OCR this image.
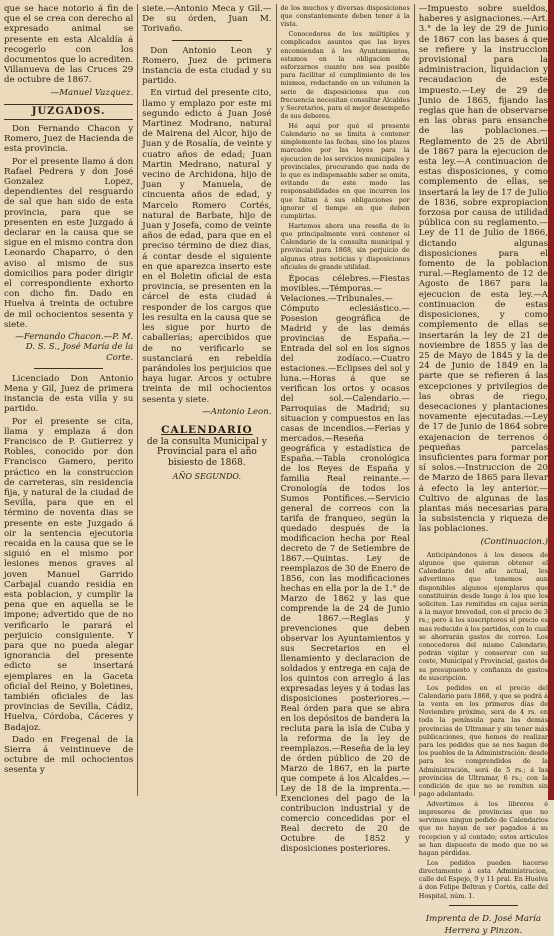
que se hace notorio á fin de que el se crea con derecho al expresado animal se presente en esta Alcaldía á recogerlo con los documentos que lo acrediten. Villanueva de las Cruces 29 de octubre de 1867.

—Manuel Vazquez.
JUZGADOS.

Don Fernando Chacon y Romero, Juez de Hacienda de esta provincia.

Por el presente llamo á don Rafael Pedrera y don José Gonzalez Lopez, dependientes del resguardo de sal que han sido de esta provincia, para que se presenten en este Juzgado á declarar en la causa que se sigue en el mismo contra don Leonardo Chaparro, ó den aviso al mismo de sus domicilios para poder dirigir el correspondiente exhorto con dicho fin. Dado en Huelva á treinta de octubre de mil ochocientos sesenta y siete.

—Fernando Chacon.—P. M. D. S. S., José María de la Corte.

Licenciado Don Antonio Mena y Gil, Juez de primera instancia de esta villa y su partido.

Por el presente se cita, llama y emplaza á don Francisco de P. Gutierrez y Robles, conocido por don Francisco Gamero, perito práctico en la construccion de carreteras, sin residencia fija, y natural de la ciudad de Sevilla, para que en el término de noventa dias se presente en este Juzgado á oir la sentencia ejecutoria recaida en la causa que se le siguió en el mismo por lesiones menos graves al joven Manuel Garrido Carbajal cuando residía en esta poblacion, y cumplir la pena que en aquella se le impone; advertido que de no verificarlo le parará el perjuicio consiguiente. Y para que no pueda alegar ignorancia del presente edicto se insertará ejemplares en la Gaceta oficial del Reino, y Boletines, también oficiales de las provincias de Sevilla, Cádiz, Huelva, Córdoba, Cáceres y Badajoz.

Dado en Fregenal de la Sierra á veintinueve de octubre de mil ochocientos sesenta y

siete.—Antonio Meca y Gil.—De su órden, Juan M. Torivaño.

Don Antonio Leon y Romero, Juez de primera instancia de esta ciudad y su partido.

En virtud del presente cito, llamo y emplazo por este mi segundo edicto á Juan José Martinez Modrano, natural de Mairena del Alcor, hijo de Juan y de Rosalía, de veinte y cuatro años de edad; Juan Martin Medrano, natural y vecino de Archidona, hijo de Juan y Manuela, de cincuenta años de edad, y Marcelo Romero Cortés, natural de Barbate, hijo de Juan y Josefa, como de veinte años de edad, para que en el preciso término de diez dias, á contar desde el siguiente en que aparezca inserto este en el Boletin oficial de esta provincia, se presenten en la cárcel de esta ciudad á responder de los cargos que les resulta en la causa que se les sigue por hurto de caballerías; apercibidos que de no verificarlo se sustanciará en rebeldía parándoles los perjuicios que haya lugar. Arcos y octubre treinta de mil ochocientos sesenta y siete.

—Antonio Leon.
CALENDARIO
de la consulta Municipal y Provincial para el año bisiesto de 1868.
AÑO SEGUNDO.

de los muchos y diversas disposiciones que constantemente deben tener á la vista.

Conocedores de los múltiples y complicados asuntos que las leyes encomiendan á los Ayuntamientos, estamos en la obligacion de esforzarnos cuanto nos sea posible para facilitar el cumplimiento de los mismos, redactando en un volumen la serie de disposiciones que con frecuencia necesitan consultar Alcaldes y Secretarios, para el mejor desempeño de sus deberes.

Hé aquí por qué el presente Calendario no se limita á contener simplemente las fechas, sino los plazos marcados por las leyes para la ejecucion de los servicios municipales y provinciales, procurando que nada de lo que es indispensable saber se omita, evitando de este modo las responsabilidades en que incurren los que faltan á sus obligaciones por ignorar el tiempo en que deben cumplirlas.

Hartemos ahora una reseña de lo que principalmente verá contener el Calendario de la consulta municipal y provincial para 1868, sin perjuicio de algunas otras noticias y disposiciones oficiales de grande utilidad.

Épocas célebres.—Fiestas movibles.—Témporas.—Velaciones.—Tribunales.—Cómputo eclesiástico.—Posesion geográfica de Madrid y de las demás provincias de España.—Entrada del sol en los signos del zodíaco.—Cuatro estaciones.—Eclipses del sol y luna.—Horas á que se verifican los ortos y ocasos del sol.—Calendario.—Parroquias de Madrid; su situacion y compuestos en las casas de incendios.—Ferias y mercados.—Reseña geográfica y estadística de España.—Tabla cronológica de los Reyes de España y familia Real reinante.—Cronología de todos los Sumos Pontífices.—Servicio general de correos con la tarifa de franqueo, según la quedado después de la modificacion hecha por Real decreto de 7 de Setiembre de 1867.—Quintas. Ley de reemplazos de 30 de Enero de 1856, con las modificaciones hechas en ella por la de 1.° de Marzo de 1862 y las que comprende la de 24 de Junio de 1867.—Reglas y prevenciones que deben observar los Ayuntamientos y sus Secretarios en el llenamiento y declaracion de soldados y entrega en caja de los quintos con arreglo á las expresadas leyes y á todas las disposiciones posteriores.—Real órden para que se abra en los depósitos de bandera la recluta para la isla de Cuba y la reforma de la ley de reemplazos.—Reseña de la ley de órden público de 20 de Marzo de 1867, en la parte que compete á los Alcaldes.—Ley de 18 de la imprenta.—Exenciones del pago de la contribucion industrial y de comercio concedidas por el Real decreto de 20 de Octubre de 1852 y disposiciones posteriores.

—Impuesto sobre sueldos, haberes y asignaciones.—Art. 3.° de la ley de 29 de Junio de 1867 con las bases á que se refiere y la instruccion provisional para la administracion, liquidacion y recaudacion de este impuesto.—Ley de 29 de Junio de 1865, fijando las reglas que han de observarse en las obras para ensanche de las poblaciones.—Reglamento de 25 de Abril de 1867 para la ejecucion de esta ley.—A continuacion de estas disposiciones, y como complemento de ellas, se insertará la ley de 17 de Julio de 1836, sobre expropiacion forzosa por causa de utilidad pública con su reglamento.—Ley de 11 de Julio de 1866, dictando algunas disposiciones para el fomento de la poblacion rural.—Reglamento de 12 de Agosto de 1867 para la ejecucion de esta ley.—A continuacion de estas disposiciones, y como complemento de ellas se insertarán la ley de 21 de noviembre de 1855 y las de 25 de Mayo de 1845 y la de 24 de Junio de 1849 en la parte que se refieren á las excepciones y privilegios de las obras de riego, desecaciones y plantaciones novamente ejecutadas.—Ley de 17 de Junio de 1864 sobre exajenacion de terrenos ó pequeñas parcelas insuficientes para formar por sí solos.—Instruccion de 20 de Marzo de 1865 para llevar á efecto la ley anterior.—Cultivo de algunas de las plantas más necesarias para la subsistencia y riqueza de las poblaciones.

(Continuacion.)

Anticipándonos á los deseos de algunos que quieran obtener el Calendario del año actual, les advertimos que tenemos aun disponibles algunos ejemplares que constituirán desde luego á los que los soliciten. Las remitidas en cajas serán á la mayor brevedad, con el precio de 3 rs.; pero á los suscriptores el precio es mas reducido á los partidos, con lo cual se ahorrarán gastos de correo. Los conocedores del mismo Calendario, podrán vigilar y conservar con su coste, Municipal y Provincial, gastos de su presupuesto y confianza de gastos de suscripción.

Los pedidos en el precio del Calendario para 1868, y que se podrá á la venta en los primeros días de Noviembre próximo, será de 4 rs. en toda la península para las demás provincias de Ultramar y sin tener más publicaciones, que hemos de realizar para los pedidos que se nos hagan de los pueblos de la Administración: desde para los comprendidos de la Administración, será de 5 rs.; á las provincias de Ultramar, 6 rs.; con la condición de que no se remiten sin pago adelantado.

Advertimos á los libreros é impresores de provincias que no servimos ningun pedido de Calendarios que no hayan de ser pagados á su recepcion y al contado; estos artículos se han dispuesto de modo que no se hagan pérdidas.

Los pedidos pueden hacerse directamente á esta Administracion, calle del Espejo, 9 y 11 pral. En Huelva á don Felipe Beltran y Cortés, calle del Hospital, núm. 1.

Imprenta de D. José María
Herrera y Pinzon.
